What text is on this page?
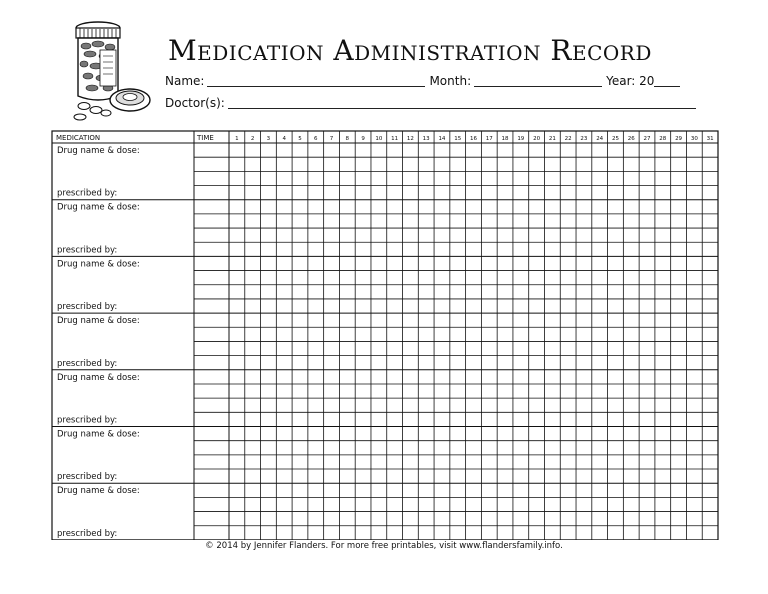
Medication Administration Record
Name:	Month:	Year: 20
Doctor(s):
MEDICATION	TIME	1 2 3 4 5 6 7 8 9 10 11 12 13 14 15 16 17 18 19 20 21 22 23 24 25 26 27 28 29 30 31
Drug name & dose:
prescribed by:
Drug name & dose:
prescribed by:
Drug name & dose:
prescribed by:
Drug name & dose:
prescribed by:
Drug name & dose:
prescribed by:
Drug name & dose:
prescribed by:
Drug name & dose:
prescribed by:
© 2014 by Jennifer Flanders. For more free printables, visit www.flandersfamily.info.
